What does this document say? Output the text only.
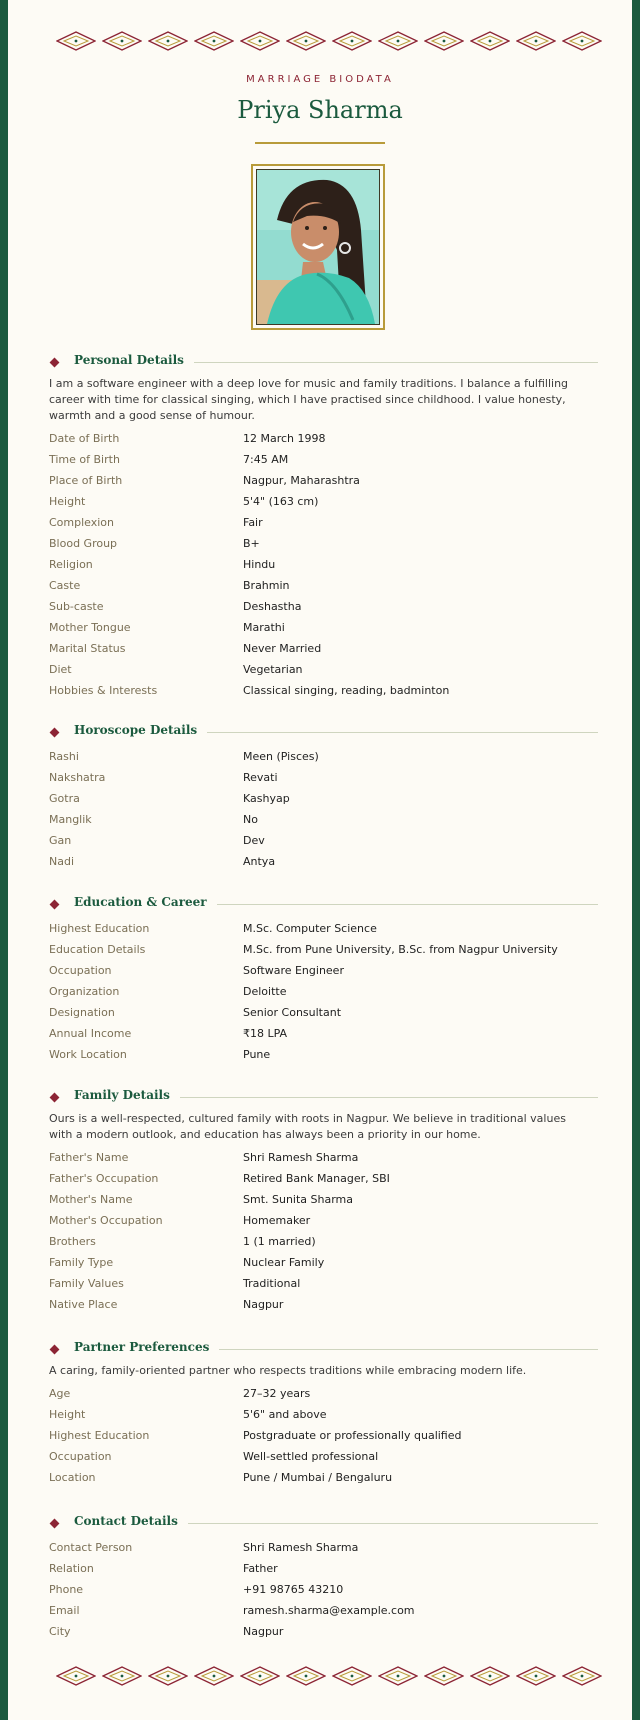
MARRIAGE BIODATA
Priya Sharma
Personal Details

I am a software engineer with a deep love for music and family traditions. I balance a fulfilling career with time for classical singing, which I have practised since childhood. I value honesty, warmth and a good sense of humour.

Date of Birth	12 March 1998
Time of Birth	7:45 AM
Place of Birth	Nagpur, Maharashtra
Height	5'4" (163 cm)
Complexion	Fair
Blood Group	B+
Religion	Hindu
Caste	Brahmin
Sub-caste	Deshastha
Mother Tongue	Marathi
Marital Status	Never Married
Diet	Vegetarian
Hobbies & Interests	Classical singing, reading, badminton
Horoscope Details
Rashi	Meen (Pisces)
Nakshatra	Revati
Gotra	Kashyap
Manglik	No
Gan	Dev
Nadi	Antya
Education & Career
Highest Education	M.Sc. Computer Science
Education Details	M.Sc. from Pune University, B.Sc. from Nagpur University
Occupation	Software Engineer
Organization	Deloitte
Designation	Senior Consultant
Annual Income	₹18 LPA
Work Location	Pune
Family Details

Ours is a well-respected, cultured family with roots in Nagpur. We believe in traditional values with a modern outlook, and education has always been a priority in our home.

Father's Name	Shri Ramesh Sharma
Father's Occupation	Retired Bank Manager, SBI
Mother's Name	Smt. Sunita Sharma
Mother's Occupation	Homemaker
Brothers	1 (1 married)
Family Type	Nuclear Family
Family Values	Traditional
Native Place	Nagpur
Partner Preferences

A caring, family-oriented partner who respects traditions while embracing modern life.

Age	27–32 years
Height	5'6" and above
Highest Education	Postgraduate or professionally qualified
Occupation	Well-settled professional
Location	Pune / Mumbai / Bengaluru
Contact Details
Contact Person	Shri Ramesh Sharma
Relation	Father
Phone	+91 98765 43210
Email	ramesh.sharma@example.com
City	Nagpur
